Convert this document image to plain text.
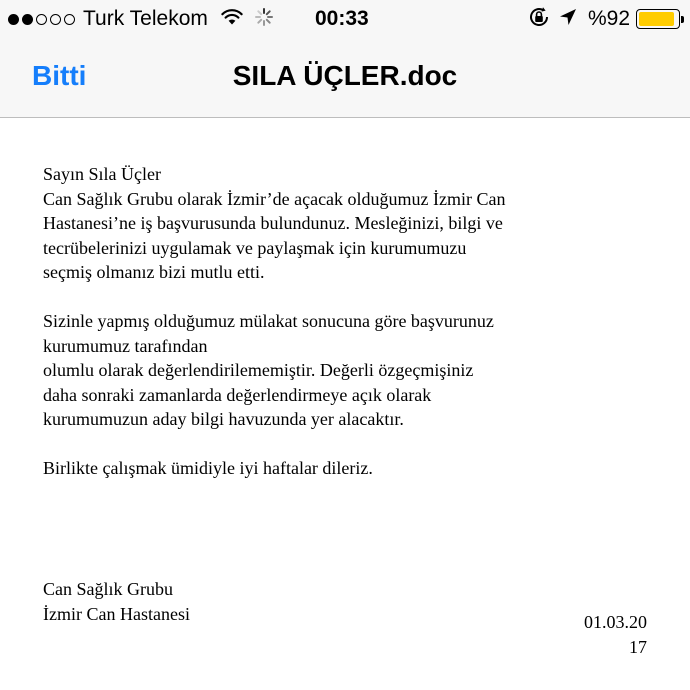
Turk Telekom	00:33	%92
Bitti	SILA ÜÇLER.doc

Sayın Sıla Üçler

Can Sağlık Grubu olarak İzmir’de açacak olduğumuz İzmir Can

Hastanesi’ne iş başvurusunda bulundunuz. Mesleğinizi, bilgi ve

tecrübelerinizi uygulamak ve paylaşmak için kurumumuzu

seçmiş olmanız bizi mutlu etti.

Sizinle yapmış olduğumuz mülakat sonucuna göre başvurunuz

kurumumuz tarafından

olumlu olarak değerlendirilememiştir. Değerli özgeçmişiniz

daha sonraki zamanlarda değerlendirmeye açık olarak

kurumumuzun aday bilgi havuzunda yer alacaktır.

Birlikte çalışmak ümidiyle iyi haftalar dileriz.

Can Sağlık Grubu

İzmir Can Hastanesi	01.03.20
17
